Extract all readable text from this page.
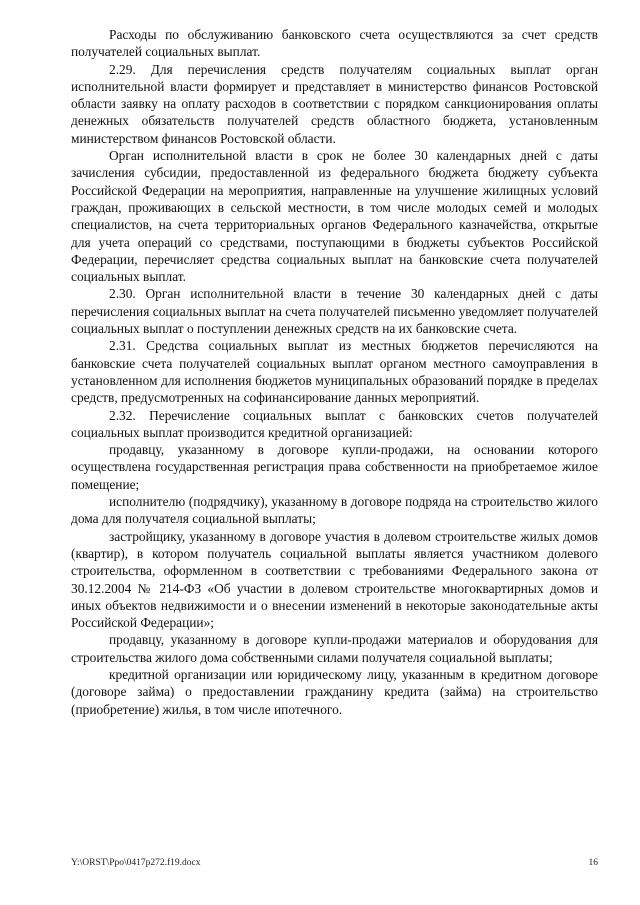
Расходы по обслуживанию банковского счета осуществляются за счет средств получателей социальных выплат.

2.29. Для перечисления средств получателям социальных выплат орган исполнительной власти формирует и представляет в министерство финансов Ростовской области заявку на оплату расходов в соответствии с порядком санкционирования оплаты денежных обязательств получателей средств областного бюджета, установленным министерством финансов Ростовской области.

Орган исполнительной власти в срок не более 30 календарных дней с даты зачисления субсидии, предоставленной из федерального бюджета бюджету субъекта Российской Федерации на мероприятия, направленные на улучшение жилищных условий граждан, проживающих в сельской местности, в том числе молодых семей и молодых специалистов, на счета территориальных органов Федерального казначейства, открытые для учета операций со средствами, поступающими в бюджеты субъектов Российской Федерации, перечисляет средства социальных выплат на банковские счета получателей социальных выплат.

2.30. Орган исполнительной власти в течение 30 календарных дней с даты перечисления социальных выплат на счета получателей письменно уведомляет получателей социальных выплат о поступлении денежных средств на их банковские счета.

2.31. Средства социальных выплат из местных бюджетов перечисляются на банковские счета получателей социальных выплат органом местного самоуправления в установленном для исполнения бюджетов муниципальных образований порядке в пределах средств, предусмотренных на софинансирование данных мероприятий.

2.32. Перечисление социальных выплат с банковских счетов получателей социальных выплат производится кредитной организацией:

продавцу, указанному в договоре купли-продажи, на основании которого осуществлена государственная регистрация права собственности на приобретаемое жилое помещение;

исполнителю (подрядчику), указанному в договоре подряда на строительство жилого дома для получателя социальной выплаты;

застройщику, указанному в договоре участия в долевом строительстве жилых домов (квартир), в котором получатель социальной выплаты является участником долевого строительства, оформленном в соответствии с требованиями Федерального закона от 30.12.2004 № 214-ФЗ «Об участии в долевом строительстве многоквартирных домов и иных объектов недвижимости и о внесении изменений в некоторые законодательные акты Российской Федерации»;

продавцу, указанному в договоре купли-продажи материалов и оборудования для строительства жилого дома собственными силами получателя социальной выплаты;

кредитной организации или юридическому лицу, указанным в кредитном договоре (договоре займа) о предоставлении гражданину кредита (займа) на строительство (приобретение) жилья, в том числе ипотечного.

Y:\ORST\Ppo\0417p272.f19.docx	16
